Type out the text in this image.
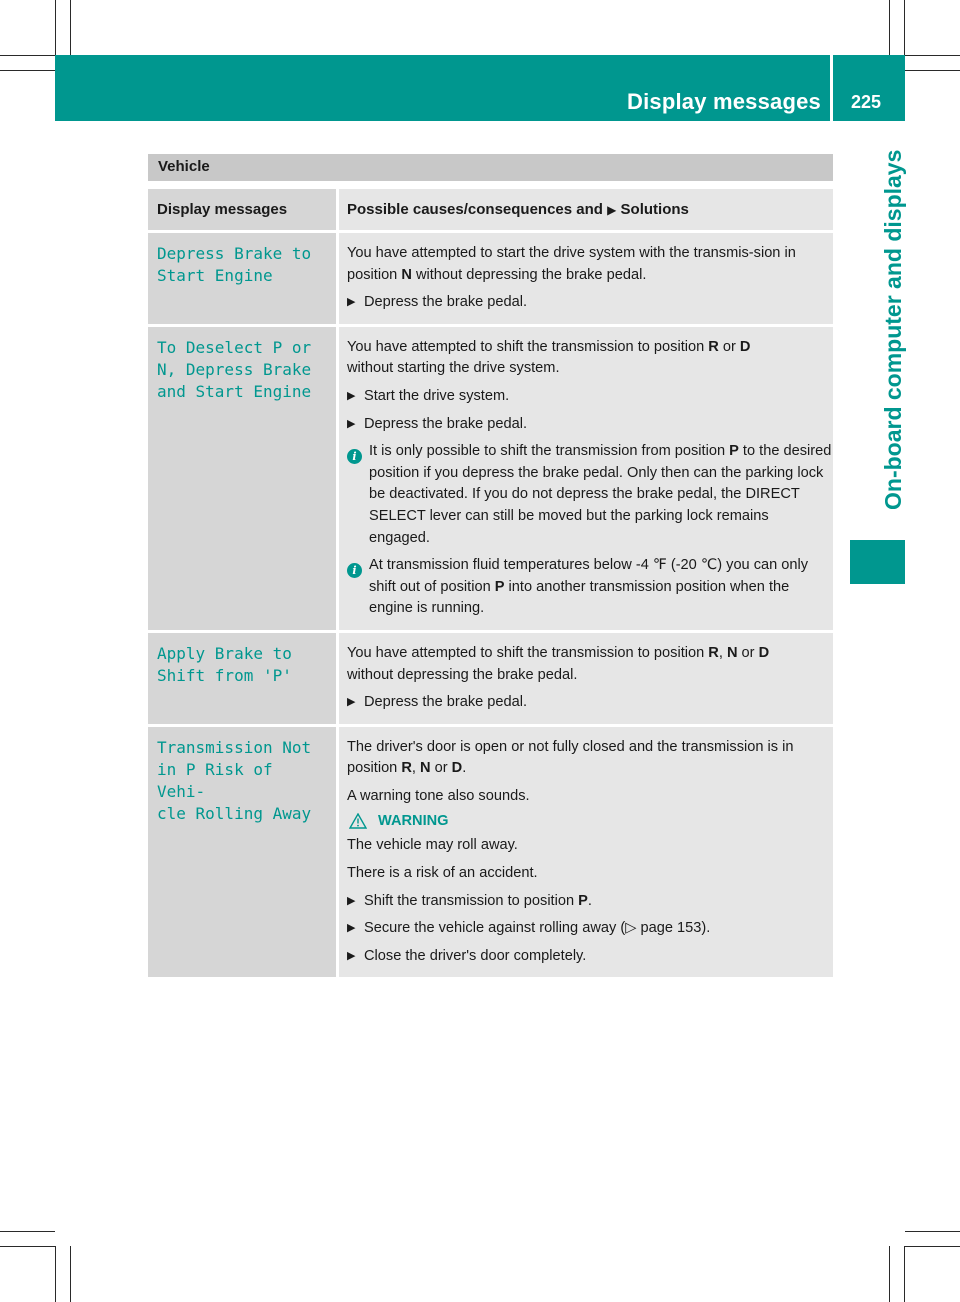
Display messages 225
On-board computer and displays
Vehicle
Display messages	Possible causes/consequences and ▶ Solutions
Depress Brake to
Start Engine
You have attempted to start the drive system with the transmis-sion in position N without depressing the brake pedal.
▶ Depress the brake pedal.
To Deselect P or
N, Depress Brake
and Start Engine
You have attempted to shift the transmission to position R or D
without starting the drive system.
▶ Start the drive system.
▶ Depress the brake pedal.
i It is only possible to shift the transmission from position P to the desired position if you depress the brake pedal. Only then can the parking lock be deactivated. If you do not depress the brake pedal, the DIRECT SELECT lever can still be moved but the parking lock remains engaged.
i At transmission fluid temperatures below -4 ℉ (-20 ℃) you can only shift out of position P into another transmission position when the engine is running.
Apply Brake to
Shift from 'P'
You have attempted to shift the transmission to position R, N or D
without depressing the brake pedal.
▶ Depress the brake pedal.
Transmission Not
in P Risk of Vehi-
cle Rolling Away
The driver's door is open or not fully closed and the transmission is in position R, N or D.
A warning tone also sounds.
WARNING
The vehicle may roll away.
There is a risk of an accident.
▶ Shift the transmission to position P.
▶ Secure the vehicle against rolling away (▷ page 153).
▶ Close the driver's door completely.
